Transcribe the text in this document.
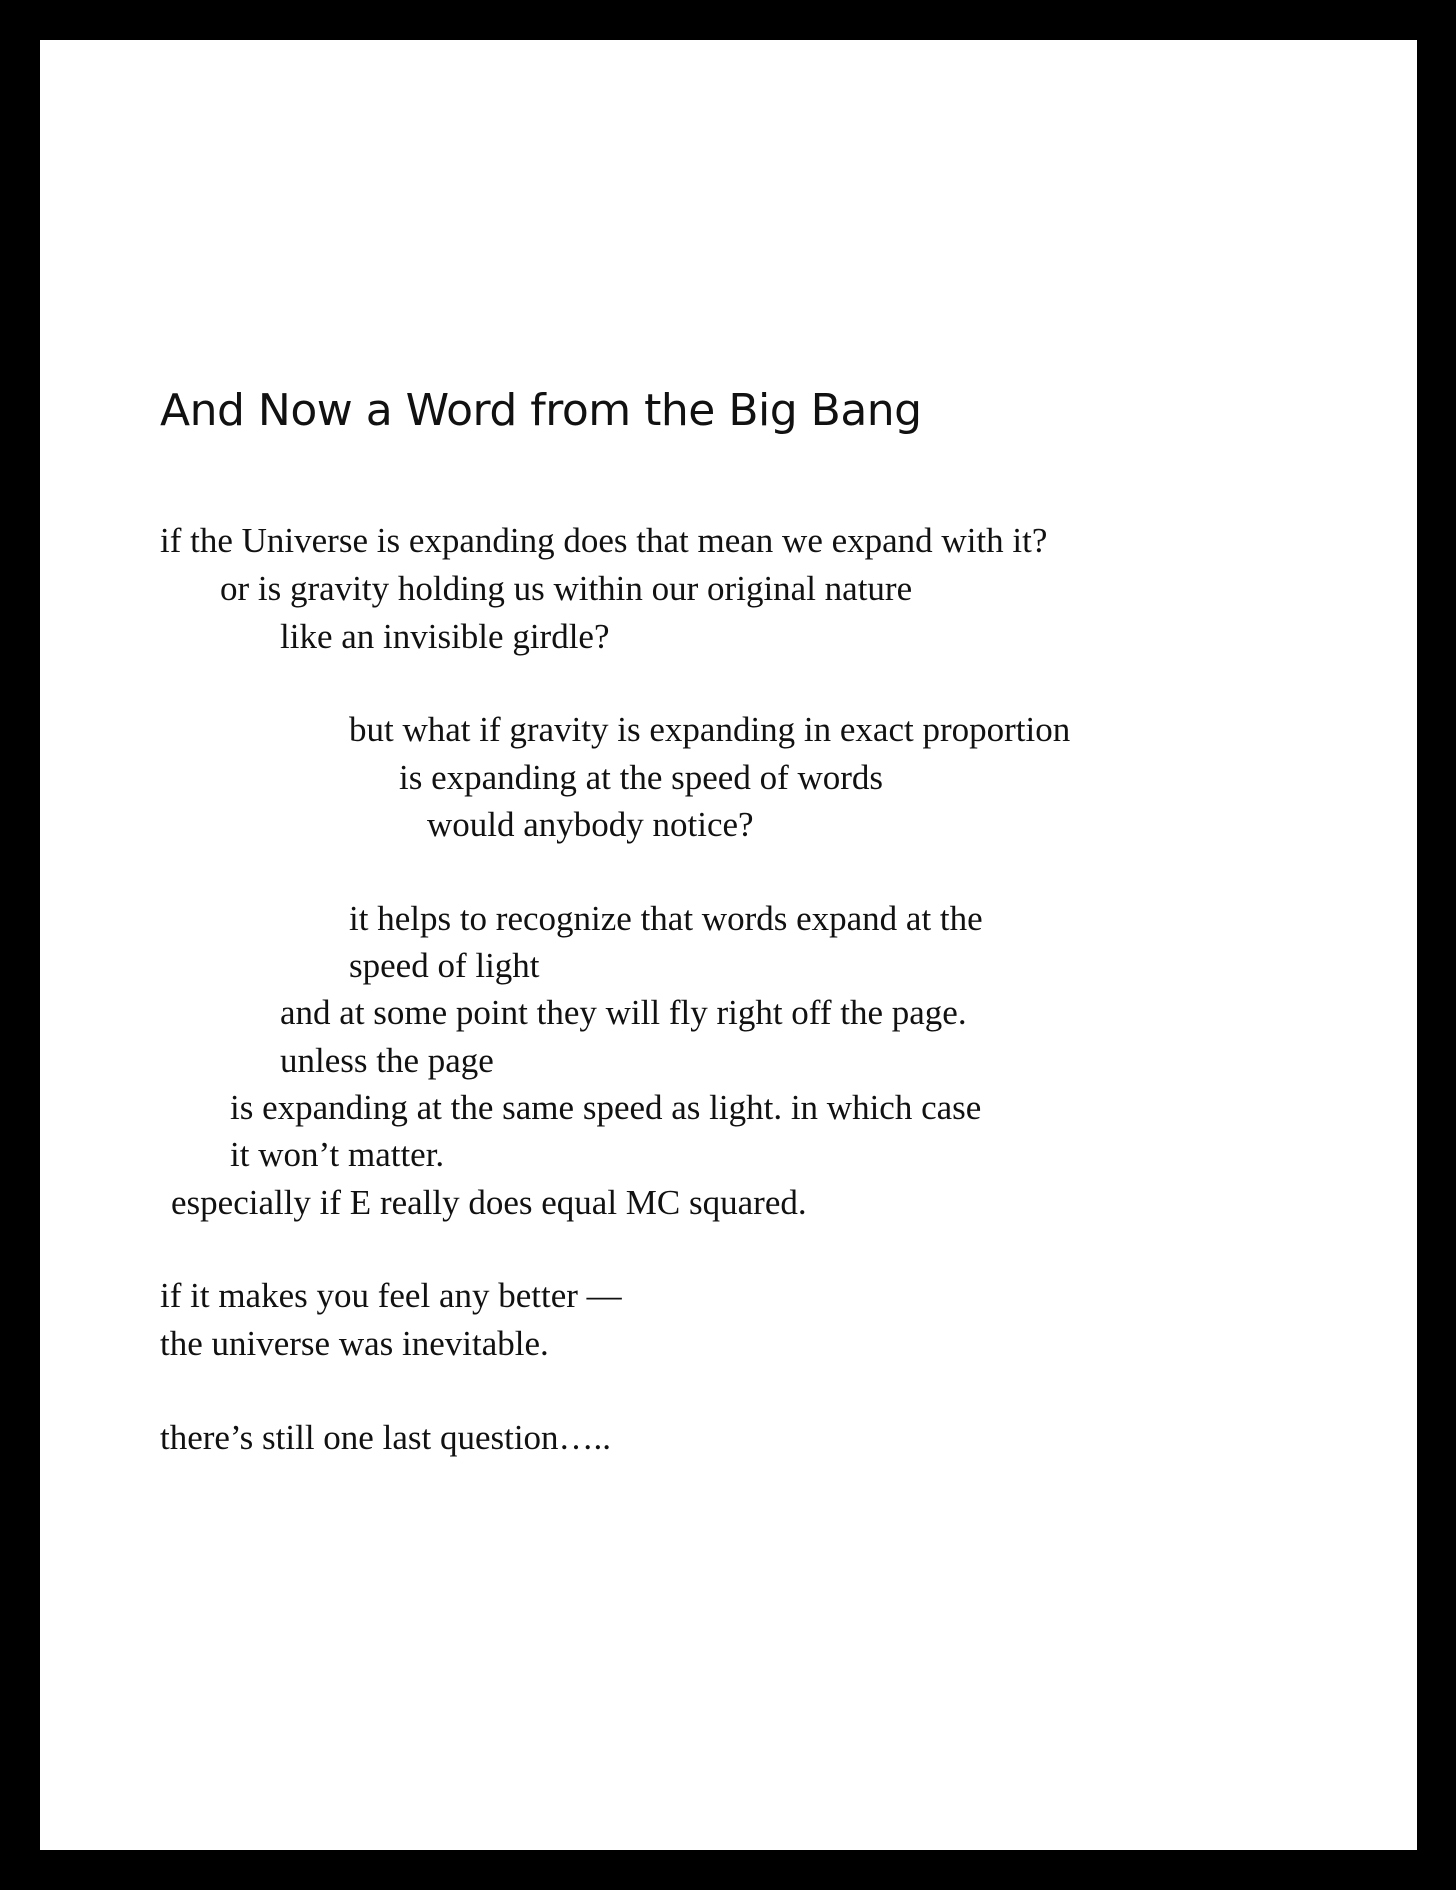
And Now a Word from the Big Bang

if the Universe is expanding does that mean we expand with it?

or is gravity holding us within our original nature

like an invisible girdle?

but what if gravity is expanding in exact proportion

is expanding at the speed of words

would anybody notice?

it helps to recognize that words expand at the

speed of light

and at some point they will fly right off the page.

unless the page

is expanding at the same speed as light. in which case

it won’t matter.

especially if E really does equal MC squared.

if it makes you feel any better —

the universe was inevitable.

there’s still one last question…..
